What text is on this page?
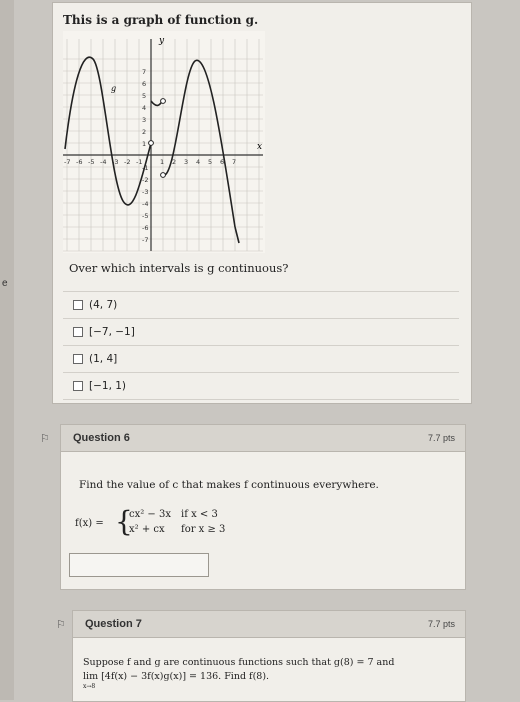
e
This is a graph of function g.
y
x
g
-7 -6 -5 -4 -3 -2 -1	1 2 3 4 5 6 7
-7
-6
-5
-4
-3
-2
-1
1
2
3
4
5
6
7
Over which intervals is g continuous?
(4, 7)
[−7, −1]
(1, 4]
[−1, 1)
⚐ Question 6	7.7 pts
Find the value of c that makes f continuous everywhere.
f(x) = {
cx² − 3x if x < 3
x² + cx for x ≥ 3
⚐ Question 7	7.7 pts
Suppose f and g are continuous functions such that g(8) = 7 and
lim [4f(x) − 3f(x)g(x)] = 136. Find f(8).
x→8
